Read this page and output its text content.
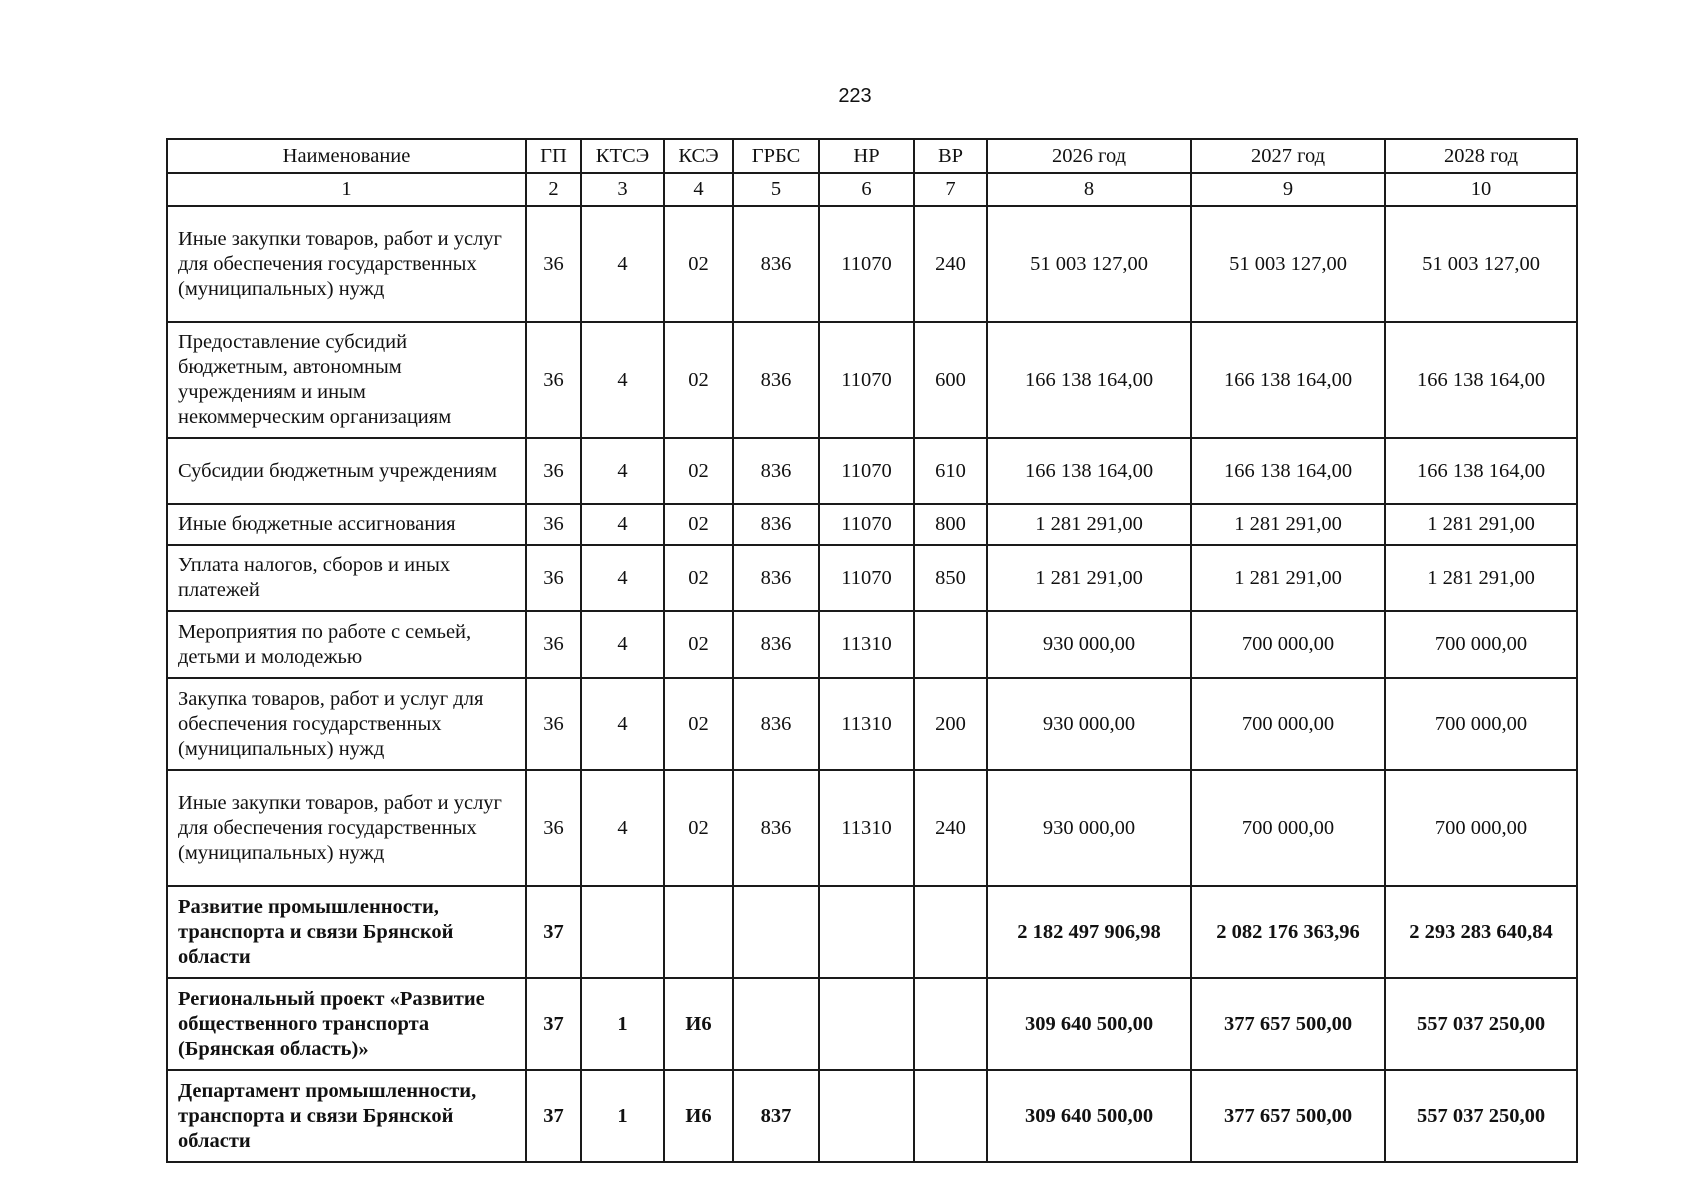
223
Наименование	ГП	КТСЭ	КСЭ	ГРБС	НР	ВР	2026 год	2027 год	2028 год
1	2	3	4	5	6	7	8	9	10
Иные закупки товаров, работ и услуг для обеспечения государственных (муниципальных) нужд	36	4	02	836	11070	240	51 003 127,00	51 003 127,00	51 003 127,00
Предоставление субсидий бюджетным, автономным учреждениям и иным некоммерческим организациям	36	4	02	836	11070	600	166 138 164,00	166 138 164,00	166 138 164,00
Субсидии бюджетным учреждениям	36	4	02	836	11070	610	166 138 164,00	166 138 164,00	166 138 164,00
Иные бюджетные ассигнования	36	4	02	836	11070	800	1 281 291,00	1 281 291,00	1 281 291,00
Уплата налогов, сборов и иных платежей	36	4	02	836	11070	850	1 281 291,00	1 281 291,00	1 281 291,00
Мероприятия по работе с семьей, детьми и молодежью	36	4	02	836	11310		930 000,00	700 000,00	700 000,00
Закупка товаров, работ и услуг для обеспечения государственных (муниципальных) нужд	36	4	02	836	11310	200	930 000,00	700 000,00	700 000,00
Иные закупки товаров, работ и услуг для обеспечения государственных (муниципальных) нужд	36	4	02	836	11310	240	930 000,00	700 000,00	700 000,00
Развитие промышленности, транспорта и связи Брянской области	37						2 182 497 906,98	2 082 176 363,96	2 293 283 640,84
Региональный проект «Развитие общественного транспорта (Брянская область)»	37	1	И6				309 640 500,00	377 657 500,00	557 037 250,00
Департамент промышленности, транспорта и связи Брянской области	37	1	И6	837			309 640 500,00	377 657 500,00	557 037 250,00
